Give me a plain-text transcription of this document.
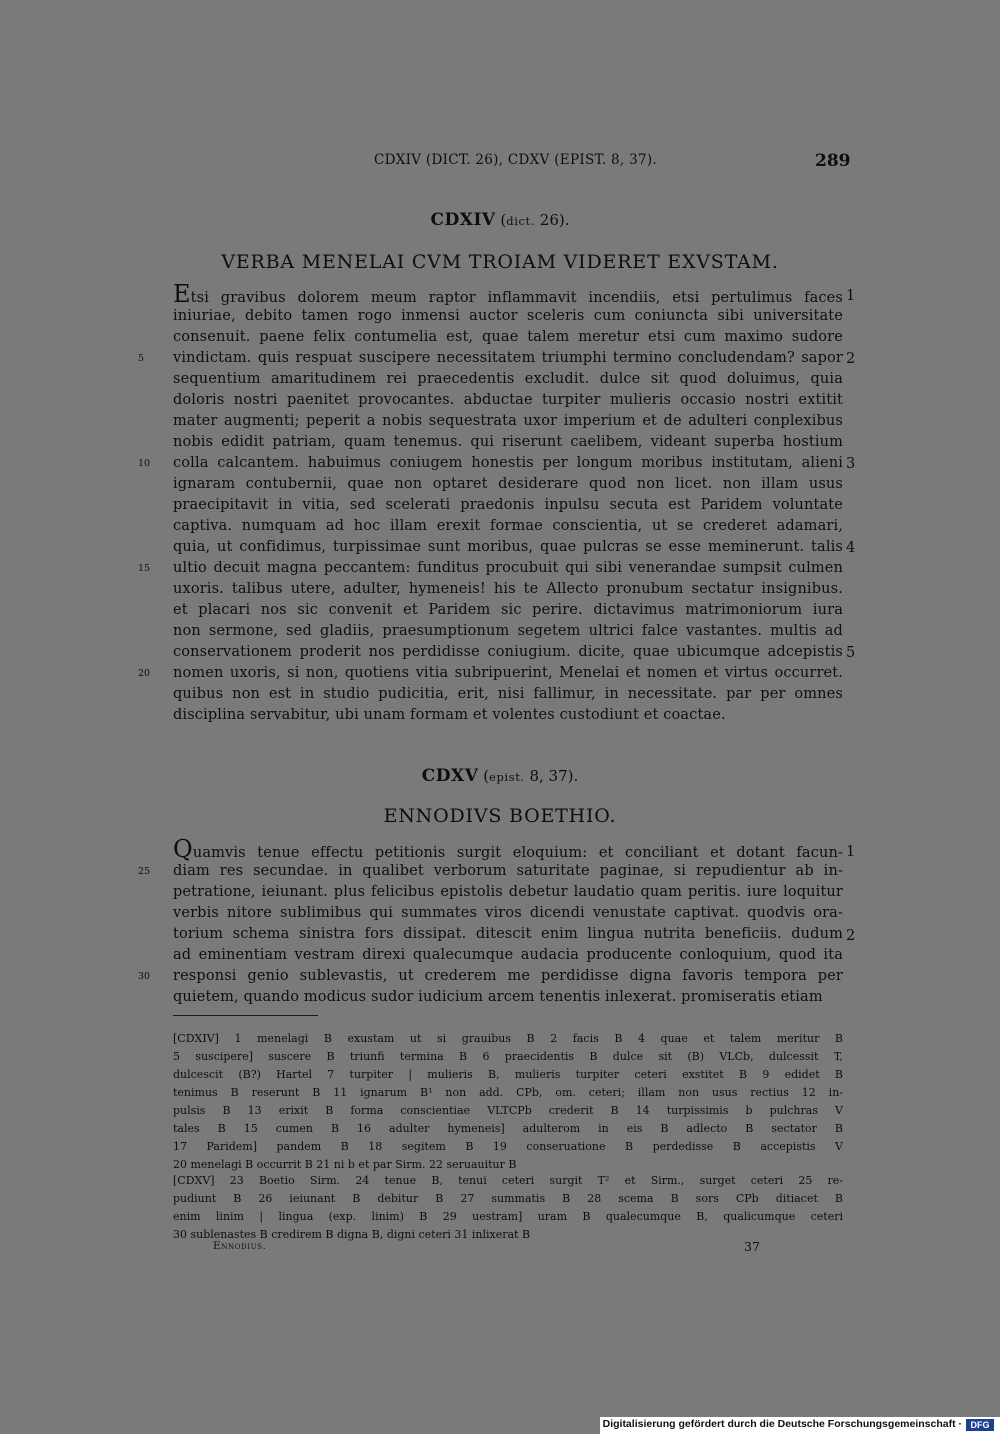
CDXIV (DICT. 26), CDXV (EPIST. 8, 37).	289
CDXIV (dict. 26).
VERBA MENELAI CVM TROIAM VIDERET EXVSTAM.
Etsi gravibus dolorem meum raptor inflammavit incendiis, etsi pertulimus faces
iniuriae, debito tamen rogo inmensi auctor sceleris cum coniuncta sibi universitate
consenuit. paene felix contumelia est, quae talem meretur etsi cum maximo sudore
vindictam. quis respuat suscipere necessitatem triumphi termino concludendam? sapor
sequentium amaritudinem rei praecedentis excludit. dulce sit quod doluimus, quia
doloris nostri paenitet provocantes. abductae turpiter mulieris occasio nostri extitit
mater augmenti; peperit a nobis sequestrata uxor imperium et de adulteri conplexibus
nobis edidit patriam, quam tenemus. qui riserunt caelibem, videant superba hostium
colla calcantem. habuimus coniugem honestis per longum moribus institutam, alieni
ignaram contubernii, quae non optaret desiderare quod non licet. non illam usus
praecipitavit in vitia, sed scelerati praedonis inpulsu secuta est Paridem voluntate
captiva. numquam ad hoc illam erexit formae conscientia, ut se crederet adamari,
quia, ut confidimus, turpissimae sunt moribus, quae pulcras se esse meminerunt. talis
ultio decuit magna peccantem: funditus procubuit qui sibi venerandae sumpsit culmen
uxoris. talibus utere, adulter, hymeneis! his te Allecto pronubum sectatur insignibus.
et placari nos sic convenit et Paridem sic perire. dictavimus matrimoniorum iura
non sermone, sed gladiis, praesumptionum segetem ultrici falce vastantes. multis ad
conservationem proderit nos perdidisse coniugium. dicite, quae ubicumque adcepistis
nomen uxoris, si non, quotiens vitia subripuerint, Menelai et nomen et virtus occurret.
quibus non est in studio pudicitia, erit, nisi fallimur, in necessitate. par per omnes
disciplina servabitur, ubi unam formam et volentes custodiunt et coactae.
5
10
15
20
1
2
3
4
5
CDXV (epist. 8, 37).
ENNODIVS BOETHIO.
Quamvis tenue effectu petitionis surgit eloquium: et conciliant et dotant facun-
diam res secundae. in qualibet verborum saturitate paginae, si repudientur ab in-
petratione, ieiunant. plus felicibus epistolis debetur laudatio quam peritis. iure loquitur
verbis nitore sublimibus qui summates viros dicendi venustate captivat. quodvis ora-
torium schema sinistra fors dissipat. ditescit enim lingua nutrita beneficiis. dudum
ad eminentiam vestram direxi qualecumque audacia producente conloquium, quod ita
responsi genio sublevastis, ut crederem me perdidisse digna favoris tempora per
quietem, quando modicus sudor iudicium arcem tenentis inlexerat. promiseratis etiam
25
30
1
2
[CDXIV] 1 menelagi B exustam ut si grauibus B 2 facis B 4 quae et talem meritur B
5 suscipere] suscere B triunfi termina B 6 praecidentis B dulce sit (B) VLCb, dulcessit T,
dulcescit (B?) Hartel 7 turpiter | mulieris B, mulieris turpiter ceteri exstitet B 9 edidet B
tenimus B reserunt B 11 ignarum B¹ non add. CPb, om. ceteri; illam non usus rectius 12 in-
pulsis B 13 erixit B forma conscientiae VLTCPb crederit B 14 turpissimis b pulchras V
tales B 15 cumen B 16 adulter hymeneis] adulterom in eis B adlecto B sectator B
17 Paridem] pandem B 18 segitem B 19 conseruatione B perdedisse B accepistis V
20 menelagi B occurrit B 21 ni b et par Sirm. 22 seruauitur B
[CDXV] 23 Boetio Sirm. 24 tenue B, tenui ceteri surgit T² et Sirm., surget ceteri 25 re-
pudiunt B 26 ieiunant B debitur B 27 summatis B 28 scema B sors CPb ditiacet B
enim linim | lingua (exp. linim) B 29 uestram] uram B qualecumque B, qualicumque ceteri
30 sublenastes B credirem B digna B, digni ceteri 31 inlixerat B
Ennodius.	37
Digitalisierung gefördert durch die Deutsche Forschungsgemeinschaft · DFG
